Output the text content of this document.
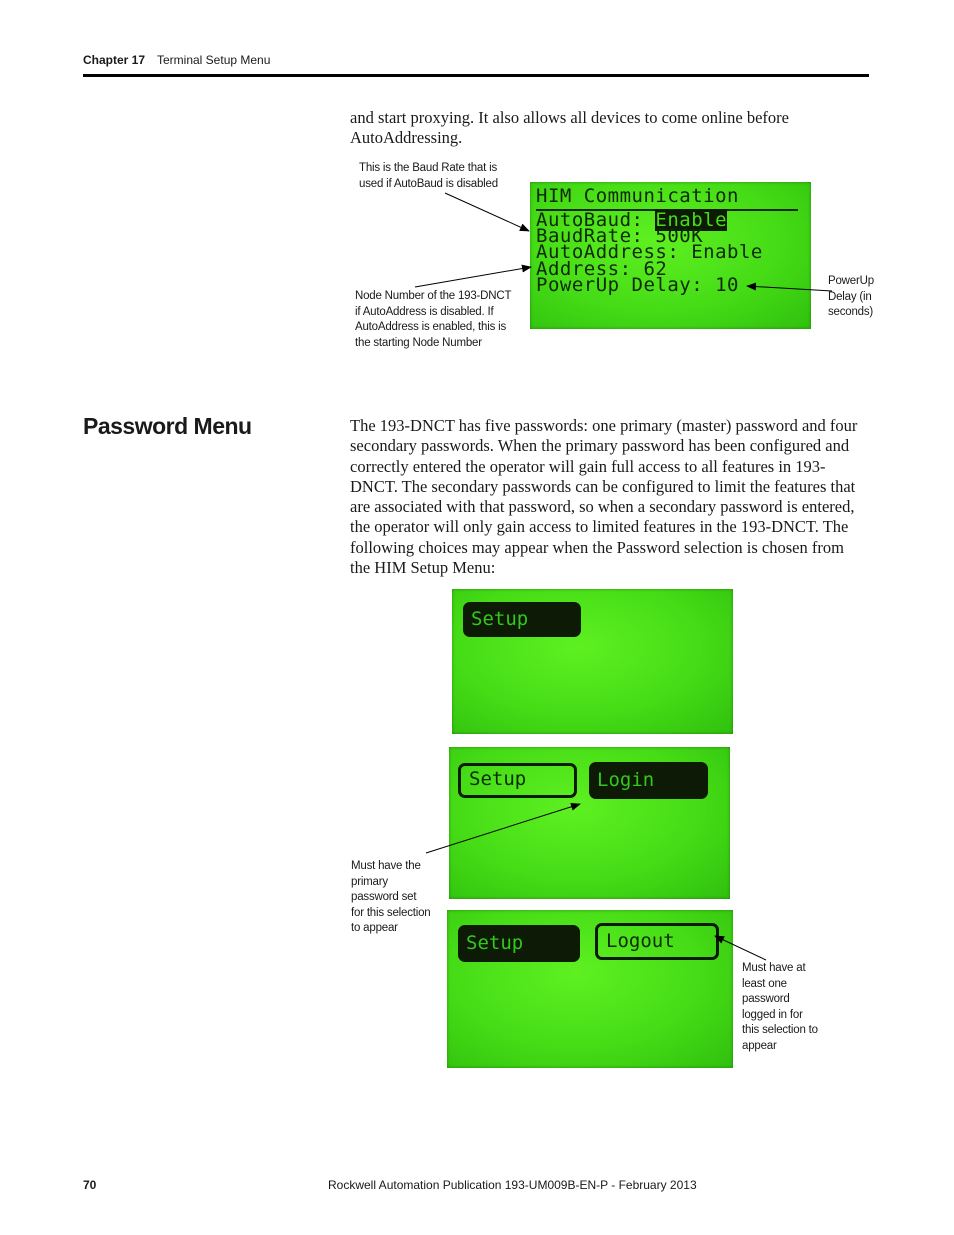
Chapter 17 Terminal Setup Menu
and start proxying. It also allows all devices to come online before AutoAddressing.
This is the Baud Rate that is used if AutoBaud is disabled
Node Number of the 193-DNCT if AutoAddress is disabled. If AutoAddress is enabled, this is the starting Node Number
PowerUp Delay (in seconds)
HIM Communication
AutoBaud: Enable
BaudRate: 500K
AutoAddress: Enable
Address: 62
PowerUp Delay: 10
Password Menu	The 193-DNCT has five passwords: one primary (master) password and four secondary passwords. When the primary password has been configured and correctly entered the operator will gain full access to all features in 193-DNCT. The secondary passwords can be configured to limit the features that are associated with that password, so when a secondary password is entered, the operator will only gain access to limited features in the 193-DNCT. The following choices may appear when the Password selection is chosen from the HIM Setup Menu:
Setup
Setup	Login
Setup	Logout
Must have the primary password set for this selection to appear
Must have at least one password logged in for this selection to appear
70	Rockwell Automation Publication 193-UM009B-EN-P - February 2013
